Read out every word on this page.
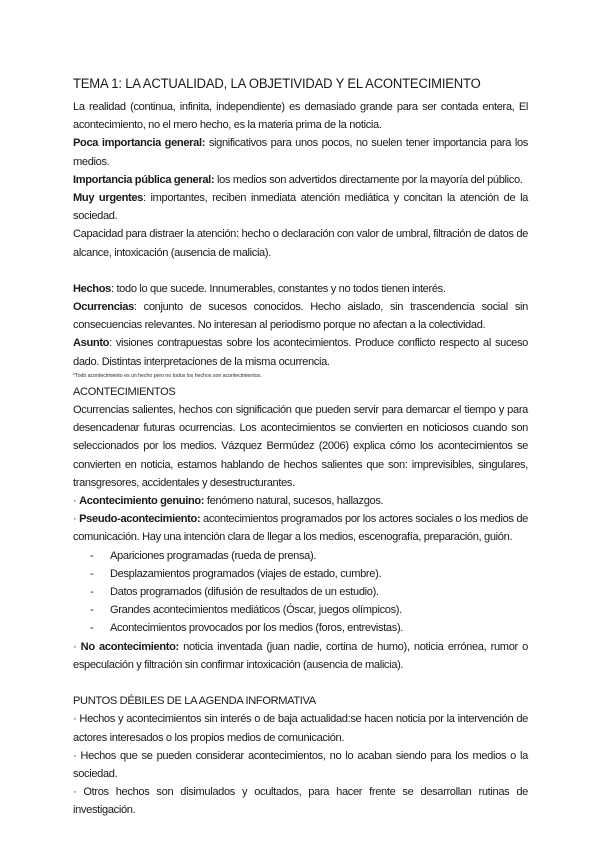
TEMA 1: LA ACTUALIDAD, LA OBJETIVIDAD Y EL ACONTECIMIENTO

La realidad (continua, infinita, independiente) es demasiado grande para ser contada entera, El acontecimiento, no el mero hecho, es la materia prima de la noticia.

Poca importancia general: significativos para unos pocos, no suelen tener importancia para los medios.

Importancia pública general: los medios son advertidos directamente por la mayoría del público.

Muy urgentes: importantes, reciben inmediata atención mediática y concitan la atención de la sociedad.

Capacidad para distraer la atención: hecho o declaración con valor de umbral, filtración de datos de alcance, intoxicación (ausencia de malicia).

Hechos: todo lo que sucede. Innumerables, constantes y no todos tienen interés.

Ocurrencias: conjunto de sucesos conocidos. Hecho aislado, sin trascendencia social sin consecuencias relevantes. No interesan al periodismo porque no afectan a la colectividad.

Asunto: visiones contrapuestas sobre los acontecimientos. Produce conflicto respecto al suceso dado. Distintas interpretaciones de la misma ocurrencia.

*Todo acontecimiento es un hecho pero no todos los hechos son acontecimientos.

ACONTECIMIENTOS

Ocurrencias salientes, hechos con significación que pueden servir para demarcar el tiempo y para desencadenar futuras ocurrencias. Los acontecimientos se convierten en noticiosos cuando son seleccionados por los medios. Vázquez Bermúdez (2006) explica cómo los acontecimientos se convierten en noticia, estamos hablando de hechos salientes que son: imprevisibles, singulares, transgresores, accidentales y desestructurantes.

· Acontecimiento genuino: fenómeno natural, sucesos, hallazgos.

· Pseudo-acontecimiento: acontecimientos programados por los actores sociales o los medios de comunicación. Hay una intención clara de llegar a los medios, escenografía, preparación, guión.

- Apariciones programadas (rueda de prensa).

- Desplazamientos programados (viajes de estado, cumbre).

- Datos programados (difusión de resultados de un estudio).

- Grandes acontecimientos mediáticos (Óscar, juegos olímpicos).

- Acontecimientos provocados por los medios (foros, entrevistas).

· No acontecimiento: noticia inventada (juan nadie, cortina de humo), noticia errónea, rumor o especulación y filtración sin confirmar intoxicación (ausencia de malicia).

PUNTOS DÉBILES DE LA AGENDA INFORMATIVA

· Hechos y acontecimientos sin interés o de baja actualidad:se hacen noticia por la intervención de actores interesados o los propios medios de comunicación.

· Hechos que se pueden considerar acontecimientos, no lo acaban siendo para los medios o la sociedad.

· Otros hechos son disimulados y ocultados, para hacer frente se desarrollan rutinas de investigación.
